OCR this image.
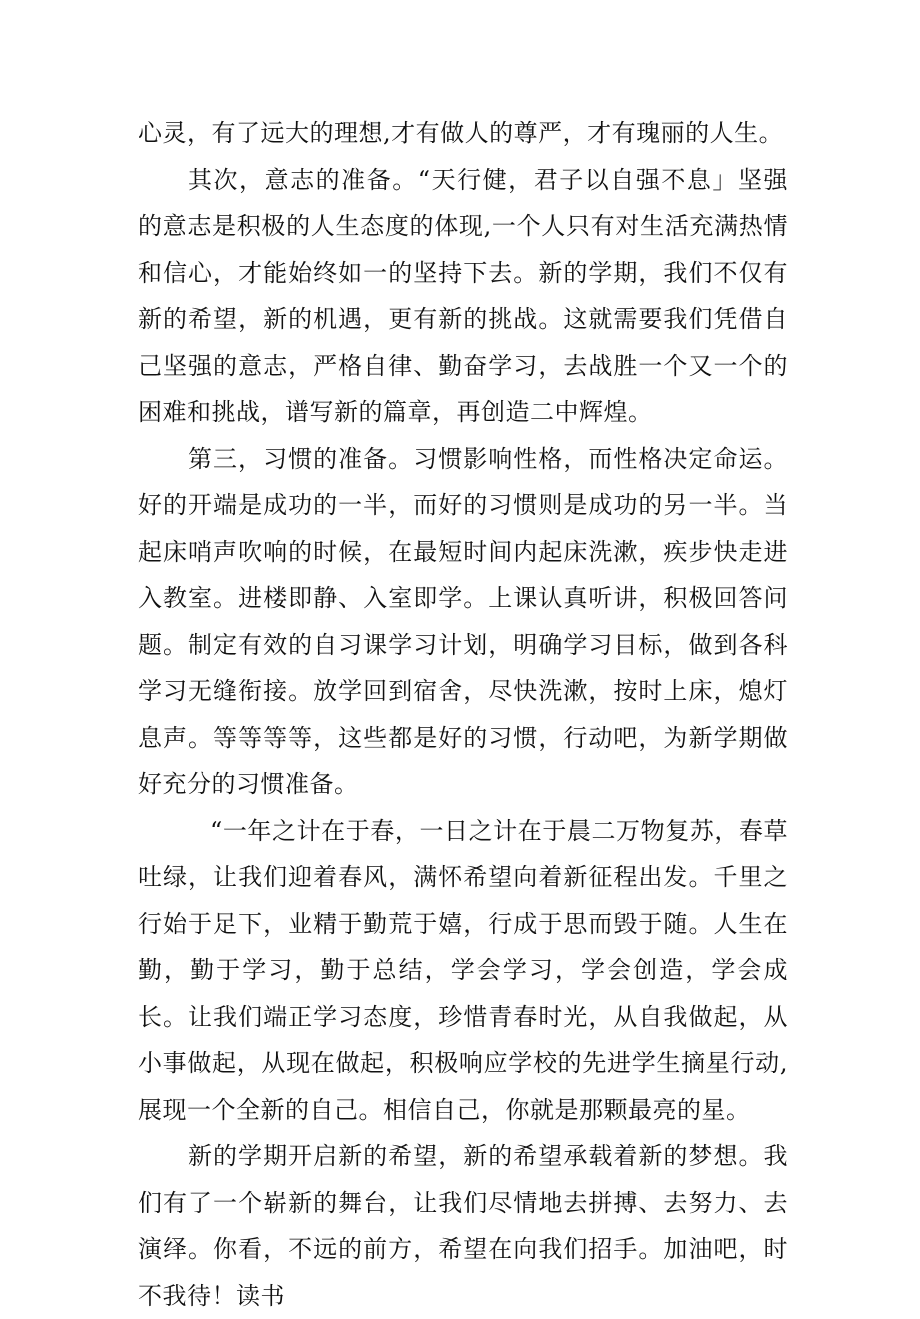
心灵，有了远大的理想,才有做人的尊严，才有瑰丽的人生。

其次，意志的准备。“天行健，君子以自强不息」坚强的意志是积极的人生态度的体现,一个人只有对生活充满热情和信心，才能始终如一的坚持下去。新的学期，我们不仅有新的希望，新的机遇，更有新的挑战。这就需要我们凭借自己坚强的意志，严格自律、勤奋学习，去战胜一个又一个的困难和挑战，谱写新的篇章，再创造二中辉煌。

第三，习惯的准备。习惯影响性格，而性格决定命运。好的开端是成功的一半，而好的习惯则是成功的另一半。当起床哨声吹响的时候，在最短时间内起床洗漱，疾步快走进入教室。进楼即静、入室即学。上课认真听讲，积极回答问题。制定有效的自习课学习计划，明确学习目标，做到各科学习无缝衔接。放学回到宿舍，尽快洗漱，按时上床，熄灯息声。等等等等，这些都是好的习惯，行动吧，为新学期做好充分的习惯准备。

“一年之计在于春，一日之计在于晨二万物复苏，春草吐绿，让我们迎着春风，满怀希望向着新征程出发。千里之行始于足下，业精于勤荒于嬉，行成于思而毁于随。人生在勤，勤于学习，勤于总结，学会学习，学会创造，学会成长。让我们端正学习态度，珍惜青春时光，从自我做起，从小事做起，从现在做起，积极响应学校的先进学生摘星行动,展现一个全新的自己。相信自己，你就是那颗最亮的星。

新的学期开启新的希望，新的希望承载着新的梦想。我们有了一个崭新的舞台，让我们尽情地去拼搏、去努力、去演绎。你看，不远的前方，希望在向我们招手。加油吧，时不我待！读书
